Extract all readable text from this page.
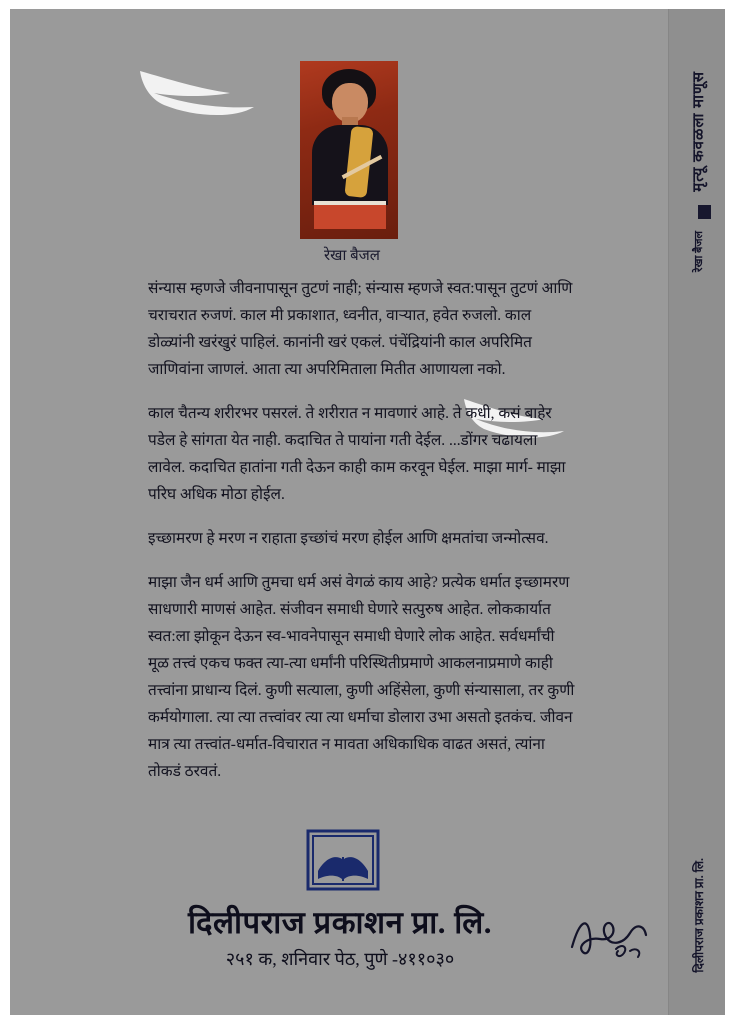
रेखा बैजल

संन्यास म्हणजे जीवनापासून तुटणं नाही; संन्यास म्हणजे स्वत:पासून तुटणं आणि चराचरात रुजणं. काल मी प्रकाशात, ध्वनीत, वाऱ्यात, हवेत रुजलो. काल डोळ्यांनी खरंखुरं पाहिलं. कानांनी खरं एकलं. पंचेंद्रियांनी काल अपरिमित जाणिवांना जाणलं. आता त्या अपरिमिताला मितीत आणायला नको.

काल चैतन्य शरीरभर पसरलं. ते शरीरात न मावणारं आहे. ते कधी, कसं बाहेर पडेल हे सांगता येत नाही. कदाचित ते पायांना गती देईल. ...डोंगर चढायला लावेल. कदाचित हातांना गती देऊन काही काम करवून घेईल. माझा मार्ग- माझा परिघ अधिक मोठा होईल.

इच्छामरण हे मरण न राहाता इच्छांचं मरण होईल आणि क्षमतांचा जन्मोत्सव.

माझा जैन धर्म आणि तुमचा धर्म असं वेगळं काय आहे? प्रत्येक धर्मात इच्छामरण साधणारी माणसं आहेत. संजीवन समाधी घेणारे सत्पुरुष आहेत. लोककार्यात स्वत:ला झोकून देऊन स्व-भावनेपासून समाधी घेणारे लोक आहेत. सर्वधर्मांची मूळ तत्त्वं एकच फक्त त्या-त्या धर्मांनी परिस्थितीप्रमाणे आकलनाप्रमाणे काही तत्त्वांना प्राधान्य दिलं. कुणी सत्याला, कुणी अहिंसेला, कुणी संन्यासाला, तर कुणी कर्मयोगाला. त्या त्या तत्त्वांवर त्या त्या धर्माचा डोलारा उभा असतो इतकंच. जीवन मात्र त्या तत्त्वांत-धर्मात-विचारात न मावता अधिकाधिक वाढत असतं, त्यांना तोकडं ठरवतं.

दिलीपराज प्रकाशन प्रा. लि.
२५१ क, शनिवार पेठ, पुणे -४११०३०
मृत्यू कवळला माणूस
रेखा बैजल
दिलीपराज प्रकाशन प्रा. लि.
